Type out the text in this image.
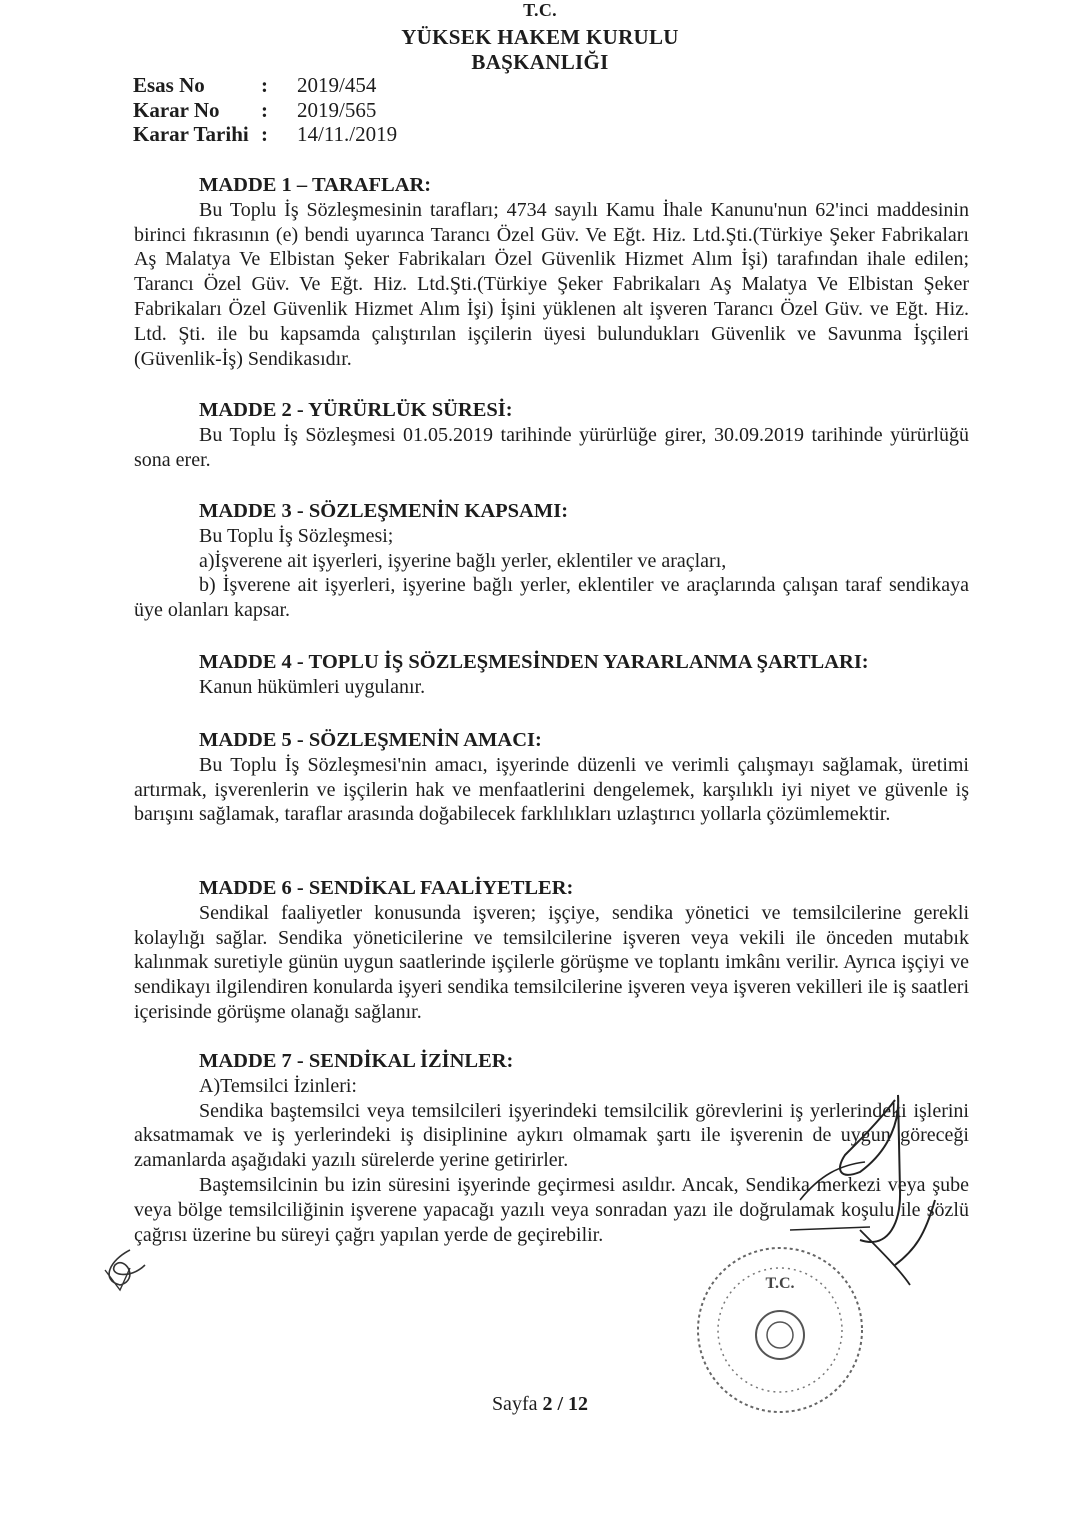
T.C.
YÜKSEK HAKEM KURULU
BAŞKANLIĞI
Esas No	: 2019/454
Karar No : 2019/565
Karar Tarihi : 14/11./2019
MADDE 1 – TARAFLAR:
Bu Toplu İş Sözleşmesinin tarafları; 4734 sayılı Kamu İhale Kanunu'nun 62'inci maddesinin birinci fıkrasının (e) bendi uyarınca Tarancı Özel Güv. Ve Eğt. Hiz. Ltd.Şti.(Türkiye Şeker Fabrikaları Aş Malatya Ve Elbistan Şeker Fabrikaları Özel Güvenlik Hizmet Alım İşi) tarafından ihale edilen; Tarancı Özel Güv. Ve Eğt. Hiz. Ltd.Şti.(Türkiye Şeker Fabrikaları Aş Malatya Ve Elbistan Şeker Fabrikaları Özel Güvenlik Hizmet Alım İşi) İşini yüklenen alt işveren Tarancı Özel Güv. ve Eğt. Hiz. Ltd. Şti. ile bu kapsamda çalıştırılan işçilerin üyesi bulundukları Güvenlik ve Savunma İşçileri (Güvenlik-İş) Sendikasıdır.
MADDE 2 - YÜRÜRLÜK SÜRESİ:
Bu Toplu İş Sözleşmesi 01.05.2019 tarihinde yürürlüğe girer, 30.09.2019 tarihinde yürürlüğü sona erer.
MADDE 3 - SÖZLEŞMENİN KAPSAMI:
Bu Toplu İş Sözleşmesi;
a)İşverene ait işyerleri, işyerine bağlı yerler, eklentiler ve araçları,
b) İşverene ait işyerleri, işyerine bağlı yerler, eklentiler ve araçlarında çalışan taraf sendikaya üye olanları kapsar.
MADDE 4 - TOPLU İŞ SÖZLEŞMESİNDEN YARARLANMA ŞARTLARI:
Kanun hükümleri uygulanır.
MADDE 5 - SÖZLEŞMENİN AMACI:
Bu Toplu İş Sözleşmesi'nin amacı, işyerinde düzenli ve verimli çalışmayı sağlamak, üretimi artırmak, işverenlerin ve işçilerin hak ve menfaatlerini dengelemek, karşılıklı iyi niyet ve güvenle iş barışını sağlamak, taraflar arasında doğabilecek farklılıkları uzlaştırıcı yollarla çözümlemektir.
MADDE 6 - SENDİKAL FAALİYETLER:
Sendikal faaliyetler konusunda işveren; işçiye, sendika yönetici ve temsilcilerine gerekli kolaylığı sağlar. Sendika yöneticilerine ve temsilcilerine işveren veya vekili ile önceden mutabık kalınmak suretiyle günün uygun saatlerinde işçilerle görüşme ve toplantı imkânı verilir. Ayrıca işçiyi ve sendikayı ilgilendiren konularda işyeri sendika temsilcilerine işveren veya işveren vekilleri ile iş saatleri içerisinde görüşme olanağı sağlanır.
MADDE 7 - SENDİKAL İZİNLER:
A)Temsilci İzinleri:
Sendika baştemsilci veya temsilcileri işyerindeki temsilcilik görevlerini iş yerlerindeki işlerini aksatmamak ve iş yerlerindeki iş disiplinine aykırı olmamak şartı ile işverenin de uygun göreceği zamanlarda aşağıdaki yazılı sürelerde yerine getirirler.
Baştemsilcinin bu izin süresini işyerinde geçirmesi asıldır. Ancak, Sendika merkezi veya şube veya bölge temsilciliğinin işverene yapacağı yazılı veya sonradan yazı ile doğrulamak koşulu ile sözlü çağrısı üzerine bu süreyi çağrı yapılan yerde de geçirebilir.
T.C.
Sayfa 2 / 12
